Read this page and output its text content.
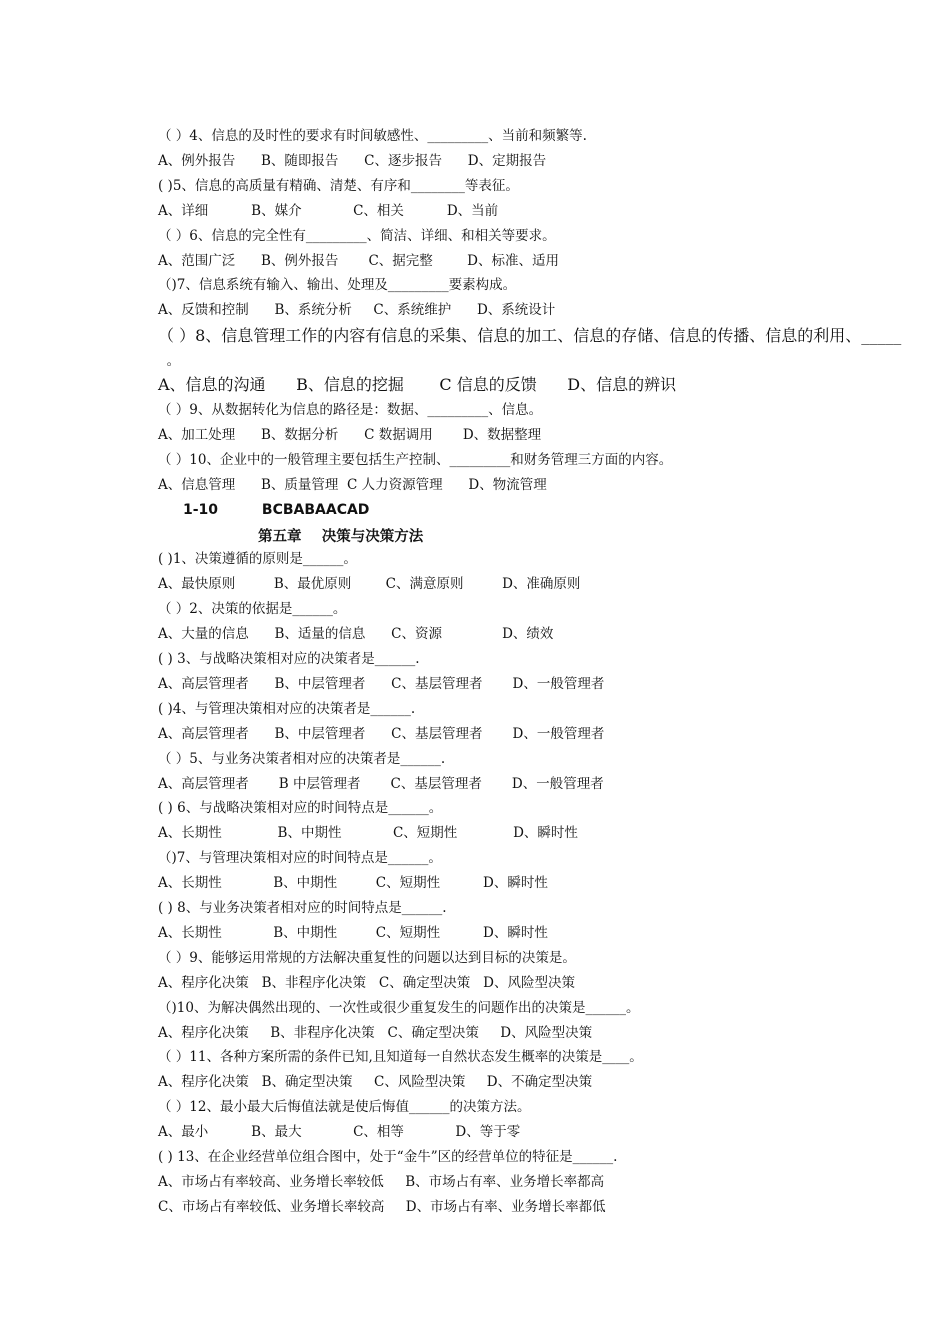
（ ）4、信息的及时性的要求有时间敏感性、_________、当前和频繁等.
A、例外报告      B、随即报告      C、逐步报告      D、定期报告
( )5、信息的高质量有精确、清楚、有序和________等表征。
A、详细          B、媒介            C、相关          D、当前
（ ）6、信息的完全性有_________、简洁、详细、和相关等要求。
A、范围广泛      B、例外报告       C、据完整        D、标准、适用
（)7、信息系统有输入、输出、处理及_________要素构成。
A、反馈和控制      B、系统分析     C、系统维护      D、系统设计
（ ）8、信息管理工作的内容有信息的采集、信息的加工、信息的存储、信息的传播、信息的利用、_____
。
A、信息的沟通      B、信息的挖掘       C 信息的反馈      D、信息的辨识
（ ）9、从数据转化为信息的路径是：数据、_________、信息。
A、加工处理      B、数据分析      C 数据调用       D、数据整理
（ ）10、企业中的一般管理主要包括生产控制、_________和财务管理三方面的内容。
A、信息管理      B、质量管理  C 人力资源管理      D、物流管理
1-10         BCBABAACAD
第五章    决策与决策方法
( )1、决策遵循的原则是______。
A、最快原则         B、最优原则        C、满意原则         D、准确原则
（ ）2、决策的依据是______。
A、大量的信息      B、适量的信息      C、资源              D、绩效
( ) 3、与战略决策相对应的决策者是______.
A、高层管理者      B、中层管理者      C、基层管理者       D、一般管理者
( )4、与管理决策相对应的决策者是______.
A、高层管理者      B、中层管理者      C、基层管理者       D、一般管理者
（ ）5、与业务决策者相对应的决策者是______.
A、高层管理者       B 中层管理者       C、基层管理者       D、一般管理者
( ) 6、与战略决策相对应的时间特点是______。
A、长期性             B、中期性            C、短期性             D、瞬时性
（)7、与管理决策相对应的时间特点是______。
A、长期性            B、中期性         C、短期性          D、瞬时性
( ) 8、与业务决策者相对应的时间特点是______.
A、长期性            B、中期性         C、短期性          D、瞬时性
（ ）9、能够运用常规的方法解决重复性的问题以达到目标的决策是。
A、程序化决策   B、非程序化决策   C、确定型决策   D、风险型决策
（)10、为解决偶然出现的、一次性或很少重复发生的问题作出的决策是______。
A、程序化决策     B、非程序化决策   C、确定型决策     D、风险型决策
（ ）11、各种方案所需的条件已知,且知道每一自然状态发生概率的决策是____。
A、程序化决策   B、确定型决策     C、风险型决策     D、不确定型决策
（ ）12、最小最大后悔值法就是使后悔值______的决策方法。
A、最小          B、最大            C、相等            D、等于零
( ) 13、在企业经营单位组合图中，处于“金牛”区的经营单位的特征是______.
A、市场占有率较高、业务增长率较低     B、市场占有率、业务增长率都高
C、市场占有率较低、业务增长率较高     D、市场占有率、业务增长率都低
